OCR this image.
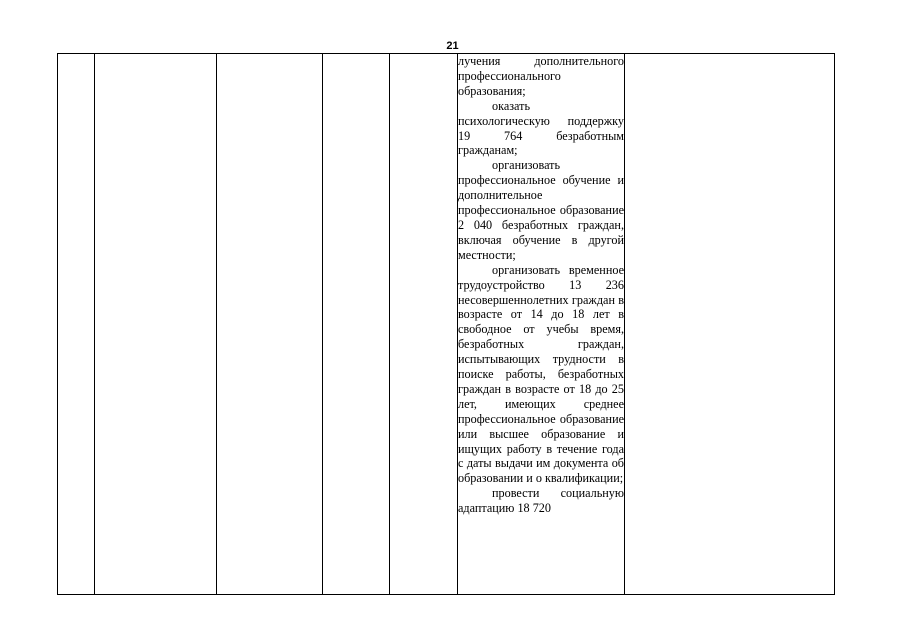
21

лучения дополнительного профессионального образования;
оказать психологическую поддержку 19 764 безработным гражданам;
организовать профессиональное обучение и дополнительное профессиональное образование 2 040 безработных граждан, включая обучение в другой местности;
организовать временное трудоустройство 13 236 несовершеннолетних граждан в возрасте от 14 до 18 лет в свободное от учебы время, безработных граждан, испытывающих трудности в поиске работы, безработных граждан в возрасте от 18 до 25 лет, имеющих среднее профессиональное образование или высшее образование и ищущих работу в течение года с даты выдачи им документа об образовании и о квалификации;
провести социальную адаптацию 18 720
